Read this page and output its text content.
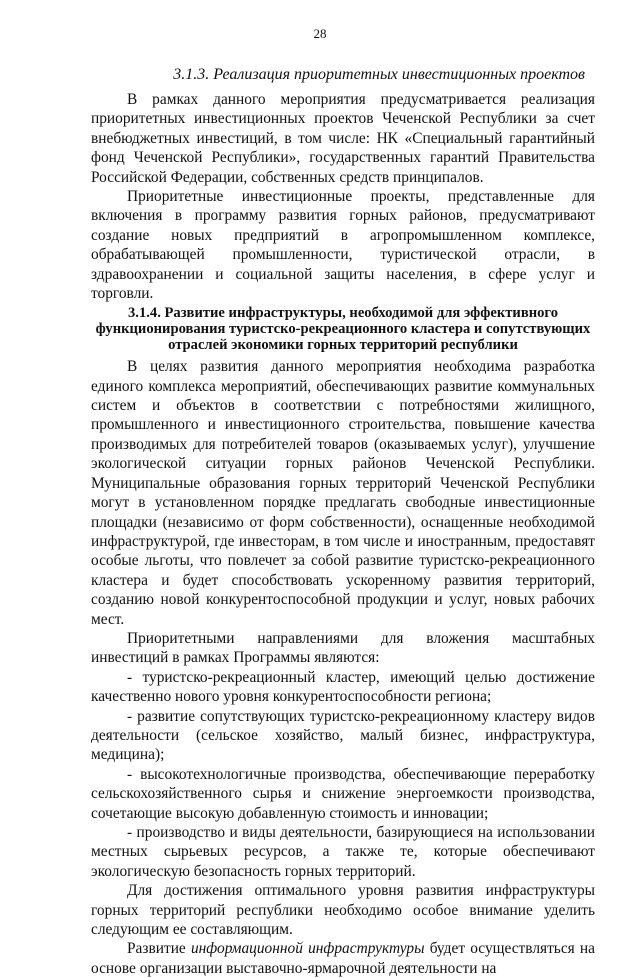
28

3.1.3. Реализация приоритетных инвестиционных проектов

В рамках данного мероприятия предусматривается реализация приоритетных инвестиционных проектов Чеченской Республики за счет внебюджетных инвестиций, в том числе: НК «Специальный гарантийный фонд Чеченской Республики», государственных гарантий Правительства Российской Федерации, собственных средств принципалов.

Приоритетные инвестиционные проекты, представленные для включения в программу развития горных районов, предусматривают создание новых предприятий в агропромышленном комплексе, обрабатывающей промышленности, туристической отрасли, в здравоохранении и социальной защиты населения, в сфере услуг и торговли.

3.1.4. Развитие инфраструктуры, необходимой для эффективного функционирования туристско-рекреационного кластера и сопутствующих отраслей экономики горных территорий республики

В целях развития данного мероприятия необходима разработка единого комплекса мероприятий, обеспечивающих развитие коммунальных систем и объектов в соответствии с потребностями жилищного, промышленного и инвестиционного строительства, повышение качества производимых для потребителей товаров (оказываемых услуг), улучшение экологической ситуации горных районов Чеченской Республики. Муниципальные образования горных территорий Чеченской Республики могут в установленном порядке предлагать свободные инвестиционные площадки (независимо от форм собственности), оснащенные необходимой инфраструктурой, где инвесторам, в том числе и иностранным, предоставят особые льготы, что повлечет за собой развитие туристско-рекреационного кластера и будет способствовать ускоренному развития территорий, созданию новой конкурентоспособной продукции и услуг, новых рабочих мест.

Приоритетными направлениями для вложения масштабных инвестиций в рамках Программы являются:

- туристско-рекреационный кластер, имеющий целью достижение качественно нового уровня конкурентоспособности региона;

- развитие сопутствующих туристско-рекреационному кластеру видов деятельности (сельское хозяйство, малый бизнес, инфраструктура, медицина);

- высокотехнологичные производства, обеспечивающие переработку сельскохозяйственного сырья и снижение энергоемкости производства, сочетающие высокую добавленную стоимость и инновации;

- производство и виды деятельности, базирующиеся на использовании местных сырьевых ресурсов, а также те, которые обеспечивают экологическую безопасность горных территорий.

Для достижения оптимального уровня развития инфраструктуры горных территорий республики необходимо особое внимание уделить следующим ее составляющим.

Развитие информационной инфраструктуры будет осуществляться на основе организации выставочно-ярмарочной деятельности на
